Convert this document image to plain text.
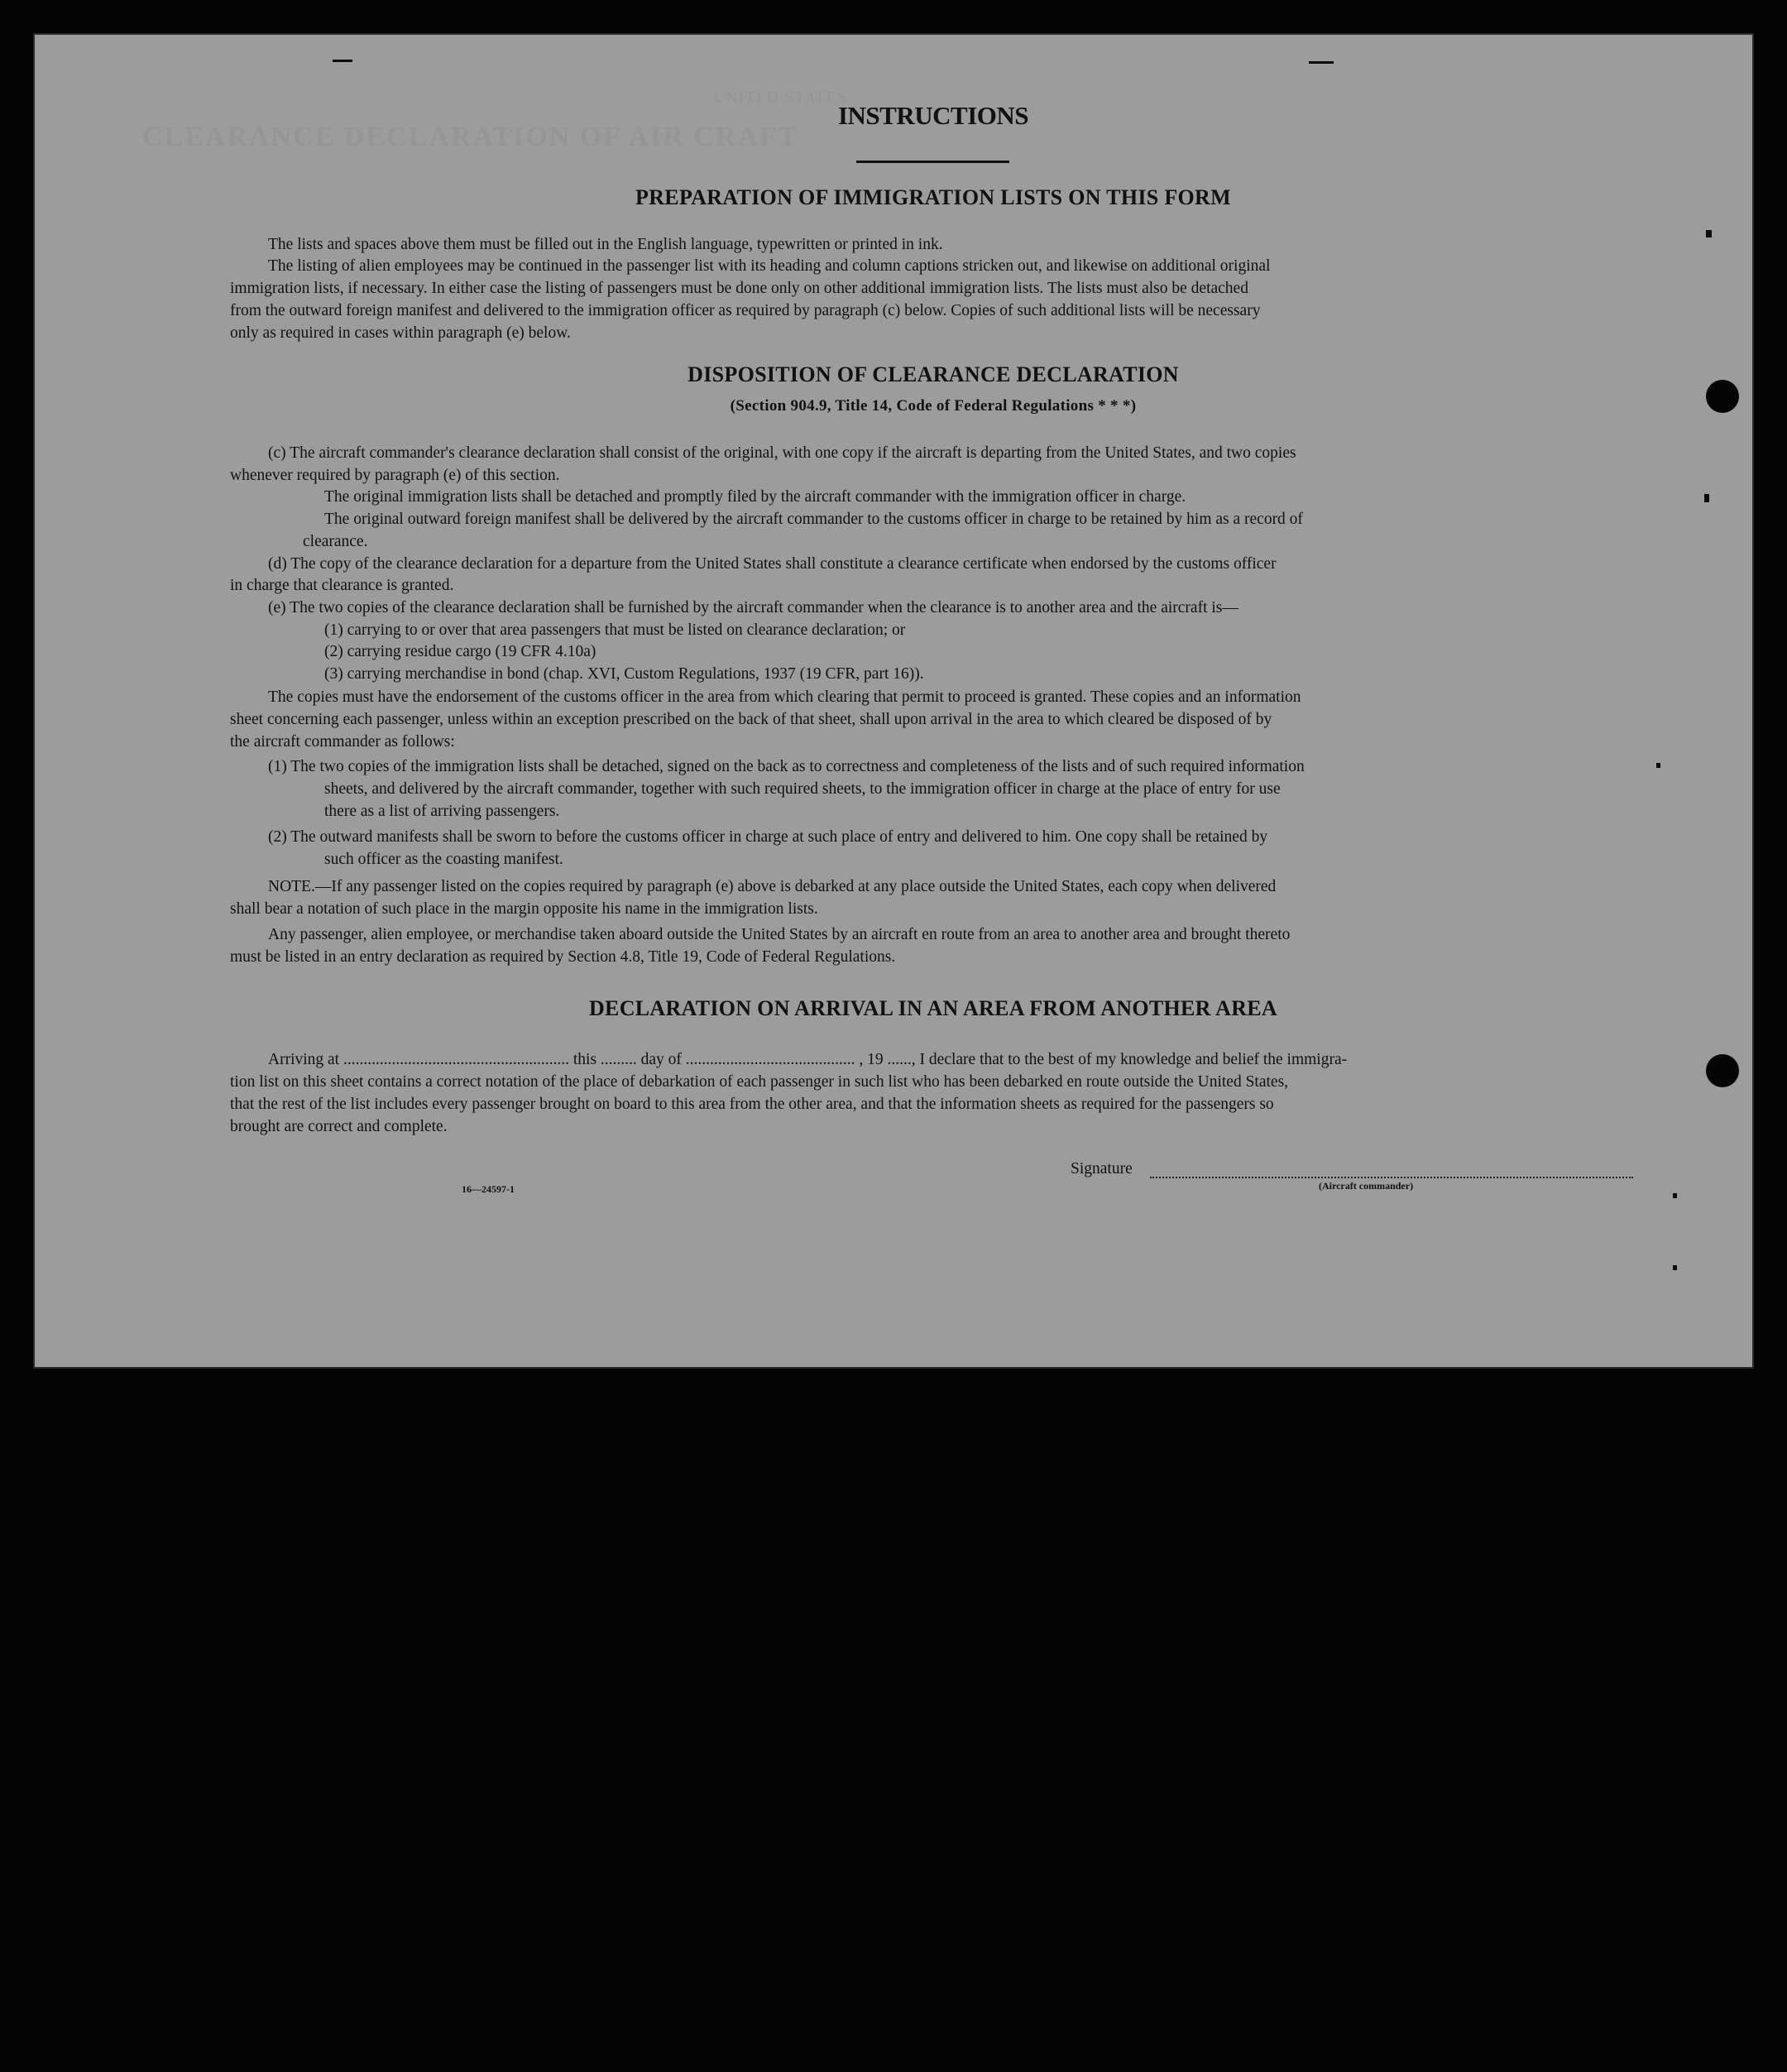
CLEARANCE DECLARATION OF AIR CRAFT
UNITED STATES
INSTRUCTIONS
PREPARATION OF IMMIGRATION LISTS ON THIS FORM
The lists and spaces above them must be filled out in the English language, typewritten or printed in ink.
The listing of alien employees may be continued in the passenger list with its heading and column captions stricken out, and likewise on additional original
immigration lists, if necessary. In either case the listing of passengers must be done only on other additional immigration lists. The lists must also be detached
from the outward foreign manifest and delivered to the immigration officer as required by paragraph (c) below. Copies of such additional lists will be necessary
only as required in cases within paragraph (e) below.
DISPOSITION OF CLEARANCE DECLARATION
(Section 904.9, Title 14, Code of Federal Regulations * * *)
(c) The aircraft commander's clearance declaration shall consist of the original, with one copy if the aircraft is departing from the United States, and two copies
whenever required by paragraph (e) of this section.
The original immigration lists shall be detached and promptly filed by the aircraft commander with the immigration officer in charge.
The original outward foreign manifest shall be delivered by the aircraft commander to the customs officer in charge to be retained by him as a record of
clearance.
(d) The copy of the clearance declaration for a departure from the United States shall constitute a clearance certificate when endorsed by the customs officer
in charge that clearance is granted.
(e) The two copies of the clearance declaration shall be furnished by the aircraft commander when the clearance is to another area and the aircraft is—
(1) carrying to or over that area passengers that must be listed on clearance declaration; or
(2) carrying residue cargo (19 CFR 4.10a)
(3) carrying merchandise in bond (chap. XVI, Custom Regulations, 1937 (19 CFR, part 16)).
The copies must have the endorsement of the customs officer in the area from which clearing that permit to proceed is granted. These copies and an information
sheet concerning each passenger, unless within an exception prescribed on the back of that sheet, shall upon arrival in the area to which cleared be disposed of by
the aircraft commander as follows:
(1) The two copies of the immigration lists shall be detached, signed on the back as to correctness and completeness of the lists and of such required information
sheets, and delivered by the aircraft commander, together with such required sheets, to the immigration officer in charge at the place of entry for use
there as a list of arriving passengers.
(2) The outward manifests shall be sworn to before the customs officer in charge at such place of entry and delivered to him. One copy shall be retained by
such officer as the coasting manifest.
NOTE.—If any passenger listed on the copies required by paragraph (e) above is debarked at any place outside the United States, each copy when delivered
shall bear a notation of such place in the margin opposite his name in the immigration lists.
Any passenger, alien employee, or merchandise taken aboard outside the United States by an aircraft en route from an area to another area and brought thereto
must be listed in an entry declaration as required by Section 4.8, Title 19, Code of Federal Regulations.
DECLARATION ON ARRIVAL IN AN AREA FROM ANOTHER AREA
Arriving at ........................................................ this ......... day of .......................................... , 19 ......, I declare that to the best of my knowledge and belief the immigra-
tion list on this sheet contains a correct notation of the place of debarkation of each passenger in such list who has been debarked en route outside the United States,
that the rest of the list includes every passenger brought on board to this area from the other area, and that the information sheets as required for the passengers so
brought are correct and complete.
Signature
(Aircraft commander)
16—24597-1
